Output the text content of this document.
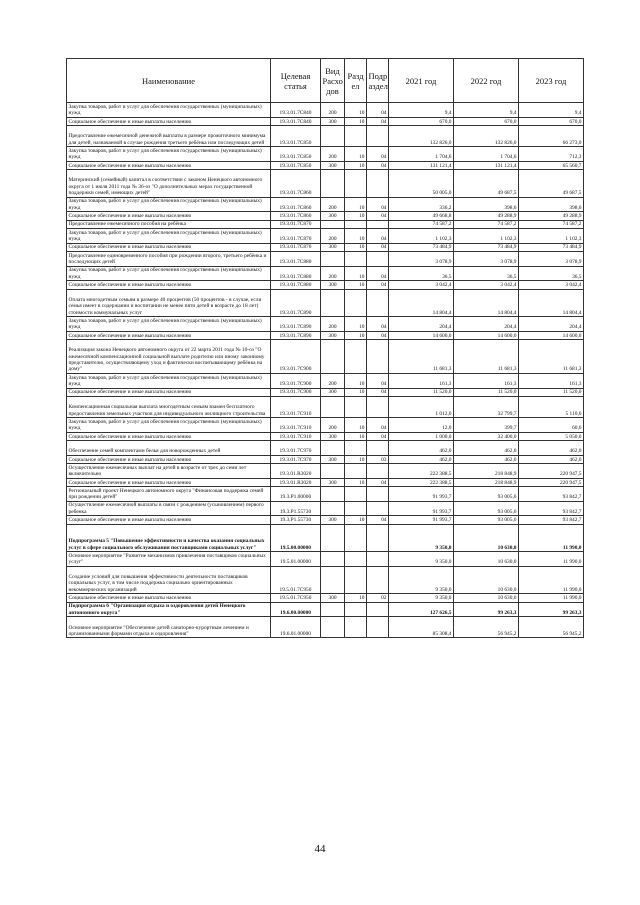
Наименование	Целевая статья	Вид Расхо дов	Разд ел	Подр аздел	2021 год	2022 год	2023 год
Закупка товаров, работ и услуг для обеспечения государственных (муниципальных) нужд	19.3.01.7С840	200	10	04	9,4	9,4	9,4
Социальное обеспечение и иные выплаты населению	19.3.01.7С840	300	10	04	670,0	670,0	670,0
Предоставление ежемесячной денежной выплаты в размере прожиточного минимума для детей, назначаемой в случае рождения третьего ребёнка или последующих детей	19.3.01.7С850				132 826,0	132 826,0	66 273,0
Закупка товаров, работ и услуг для обеспечения государственных (муниципальных) нужд	19.3.01.7С850	200	10	04	1 704,6	1 704,6	712,3
Социальное обеспечение и иные выплаты населению	19.3.01.7С850	300	10	04	131 121,4	131 121,4	65 560,7
Материнский (семейный) капитал в соответствии с законом Ненецкого автономного округа от 1 июля 2011 года № 36-оз "О дополнительных мерах государственной поддержки семей, имеющих детей"	19.3.01.7С860				50 005,0	49 687,5	49 687,5
Закупка товаров, работ и услуг для обеспечения государственных (муниципальных) нужд	19.3.01.7С860	200	10	04	336,2	398,6	398,6
Социальное обеспечение и иные выплаты населению	19.3.01.7С860	300	10	04	49 668,8	49 288,9	49 288,9
Предоставление ежемесячного пособия на ребёнка	19.3.01.7С870				74 587,2	74 587,2	74 587,2
Закупка товаров, работ и услуг для обеспечения государственных (муниципальных) нужд	19.3.01.7С870	200	10	04	1 102,3	1 102,3	1 102,3
Социальное обеспечение и иные выплаты населению	19.3.01.7С870	300	10	04	73 484,9	73 484,9	73 484,9
Предоставление единовременного пособия при рождении второго, третьего ребёнка и последующих детей	19.3.01.7С880				3 078,9	3 078,9	3 078,9
Закупка товаров, работ и услуг для обеспечения государственных (муниципальных) нужд	19.3.01.7С880	200	10	04	36,5	36,5	36,5
Социальное обеспечение и иные выплаты населению	19.3.01.7С880	300	10	04	3 042,4	3 042,4	3 042,4
Оплата многодетным семьям в размере 40 процентов (50 процентов - в случае, если семья имеет в содержании и воспитании не менее пяти детей в возрасте до 18 лет) стоимости коммунальных услуг	19.3.01.7С890				14 804,4	14 804,4	14 804,4
Закупка товаров, работ и услуг для обеспечения государственных (муниципальных) нужд	19.3.01.7С890	200	10	04	204,4	204,4	204,4
Социальное обеспечение и иные выплаты населению	19.3.01.7С890	300	10	04	14 600,0	14 600,0	14 600,0
Реализация закона Ненецкого автономного округа от 22 марта 2011 года № 10-оз "О ежемесячной компенсационной социальной выплате родителю или иному законному представителю, осуществляющему уход и фактически воспитывающему ребёнка на дому"	19.3.01.7С900				11 681,3	11 681,3	11 681,3
Закупка товаров, работ и услуг для обеспечения государственных (муниципальных) нужд	19.3.01.7С900	200	10	04	161,3	161,3	161,3
Социальное обеспечение и иные выплаты населению	19.3.01.7С900	300	10	04	11 520,0	11 520,0	11 520,0
Компенсационная социальная выплата многодетным семьям взамен бесплатного предоставления земельных участков для индивидуального жилищного строительства	19.3.01.7С910				1 012,0	32 799,7	5 110,6
Закупка товаров, работ и услуг для обеспечения государственных (муниципальных) нужд	19.3.01.7С910	200	10	04	12,0	399,7	60,6
Социальное обеспечение и иные выплаты населению	19.3.01.7С910	300	10	04	1 000,0	32 400,0	5 050,0
Обеспечение семей комплектами белья для новорожденных детей	19.3.01.7С970				462,0	462,0	462,0
Социальное обеспечение и иные выплаты населению	19.3.01.7С970	300	10	03	462,0	462,0	462,0
Осуществление ежемесячных выплат на детей в возрасте от трех до семи лет включительно	19.3.01.R3020				222 388,5	218 848,9	220 947,5
Социальное обеспечение и иные выплаты населению	19.3.01.R3020	300	10	04	222 388,5	218 848,9	220 947,5
Региональный проект Ненецкого автономного округа "Финансовая поддержка семей при рождении детей"	19.3.P1.00000				91 993,7	93 005,6	93 842,7
Осуществление ежемесячной выплаты в связи с рождением (усыновлением) первого ребенка	19.3.P1.55730				91 993,7	93 005,6	93 842,7
Социальное обеспечение и иные выплаты населению	19.3.P1.55730	300	10	04	91 993,7	93 005,6	93 842,7
Подпрограмма 5 "Повышение эффективности и качества оказания социальных услуг в сфере социального обслуживания поставщиками социальных услуг"	19.5.00.00000				9 350,0	10 630,0	11 990,0
Основное мероприятие "Развитие механизмов привлечения поставщиков социальных услуг"	19.5.01.00000				9 350,0	10 630,0	11 990,0
Создание условий для повышения эффективности деятельности поставщиков социальных услуг, в том числе поддержка социально ориентированных некоммерческих организаций	19.5.01.7С950				9 350,0	10 630,0	11 990,0
Социальное обеспечение и иные выплаты населению	19.5.01.7С950	300	10	02	9 350,0	10 630,0	11 990,0
Подпрограмма 6 "Организация отдыха и оздоровления детей Ненецкого автономного округа"	19.6.00.00000				127 626,5	99 263,3	99 263,3
Основное мероприятие "Обеспечение детей санаторно-курортным лечением и организованными формами отдыха и оздоровления"	19.6.01.00000				85 308,4	56 945,2	56 945,2
44
